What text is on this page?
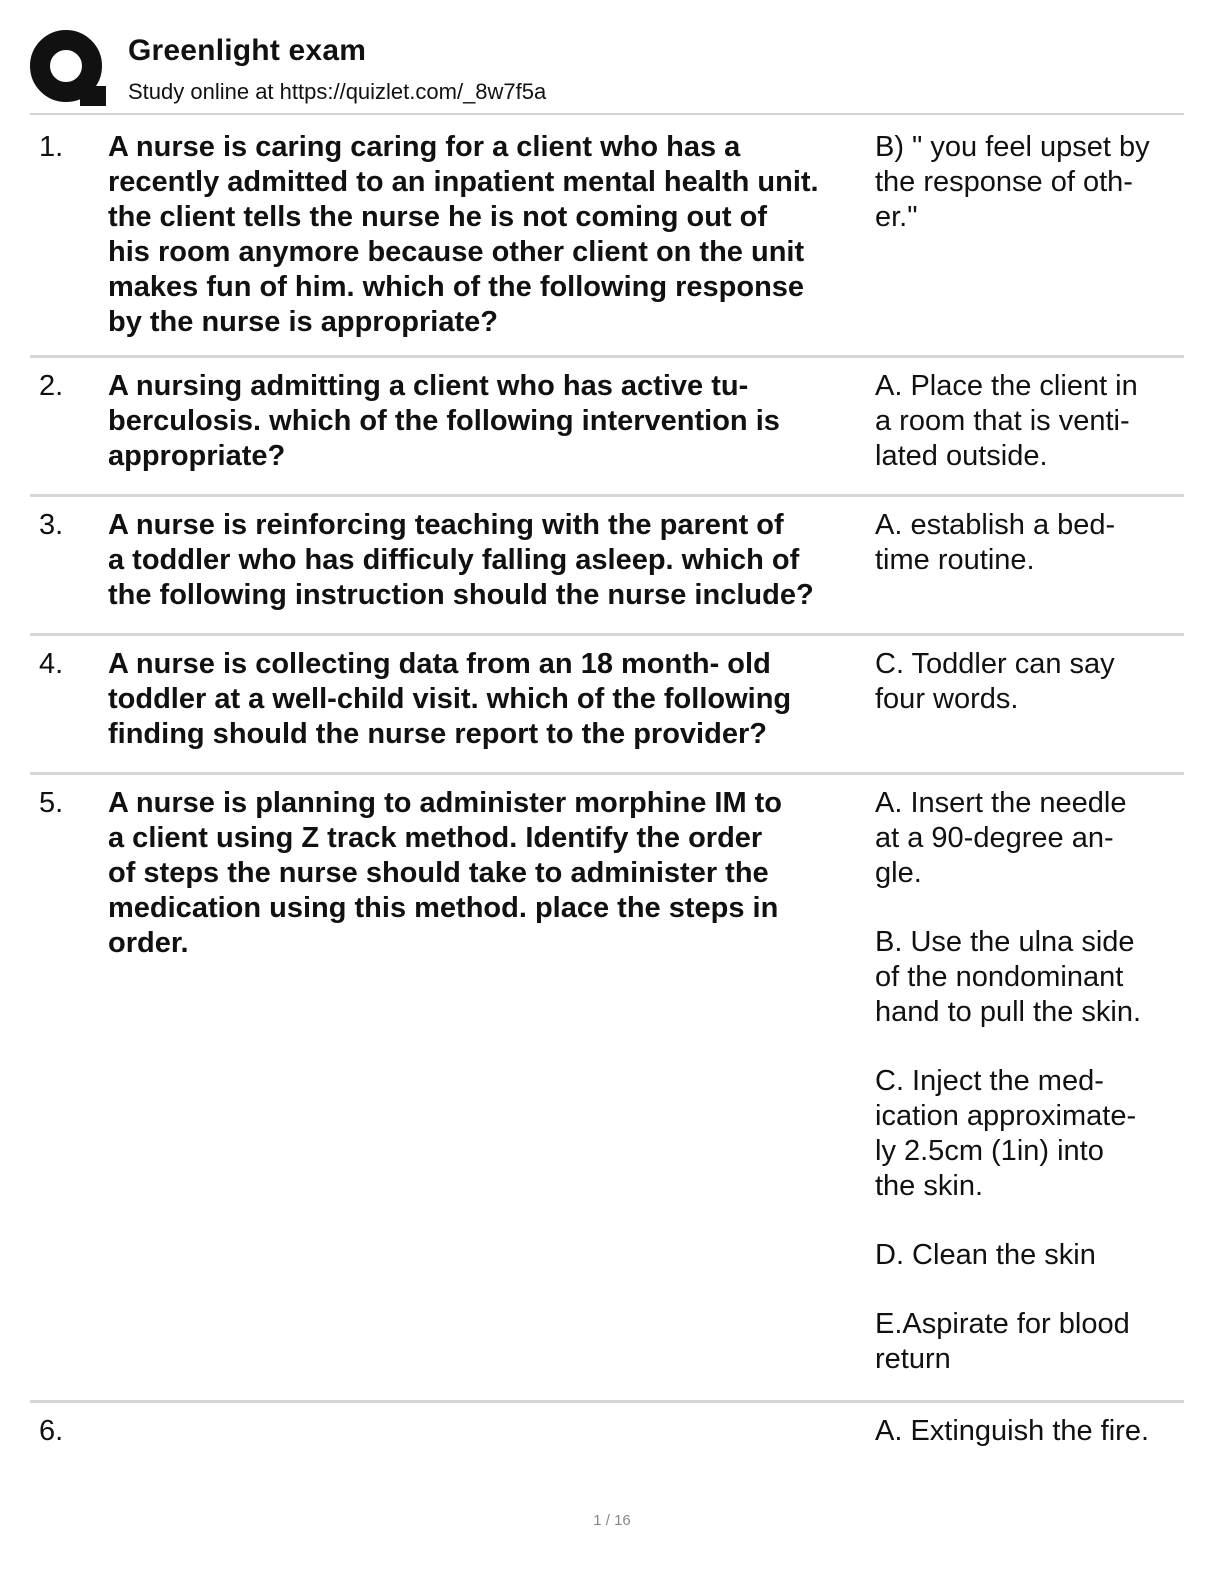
Greenlight exam
Study online at https://quizlet.com/_8w7f5a
1. A nurse is caring caring for a client who has a
recently admitted to an inpatient mental health unit.
the client tells the nurse he is not coming out of
his room anymore because other client on the unit
makes fun of him. which of the following response
by the nurse is appropriate?
B) " you feel upset by
the response of oth-
er."
2. A nursing admitting a client who has active tu-
berculosis. which of the following intervention is
appropriate?
A. Place the client in
a room that is venti-
lated outside.
3. A nurse is reinforcing teaching with the parent of
a toddler who has difficuly falling asleep. which of
the following instruction should the nurse include?
A. establish a bed-
time routine.
4. A nurse is collecting data from an 18 month- old
toddler at a well-child visit. which of the following
finding should the nurse report to the provider?
C. Toddler can say
four words.
5. A nurse is planning to administer morphine IM to
a client using Z track method. Identify the order
of steps the nurse should take to administer the
medication using this method. place the steps in
order.
A. Insert the needle
at a 90-degree an-
gle.
B. Use the ulna side
of the nondominant
hand to pull the skin.
C. Inject the med-
ication approximate-
ly 2.5cm (1in) into
the skin.
D. Clean the skin
E.Aspirate for blood
return
6.	A. Extinguish the fire.
1 / 16
